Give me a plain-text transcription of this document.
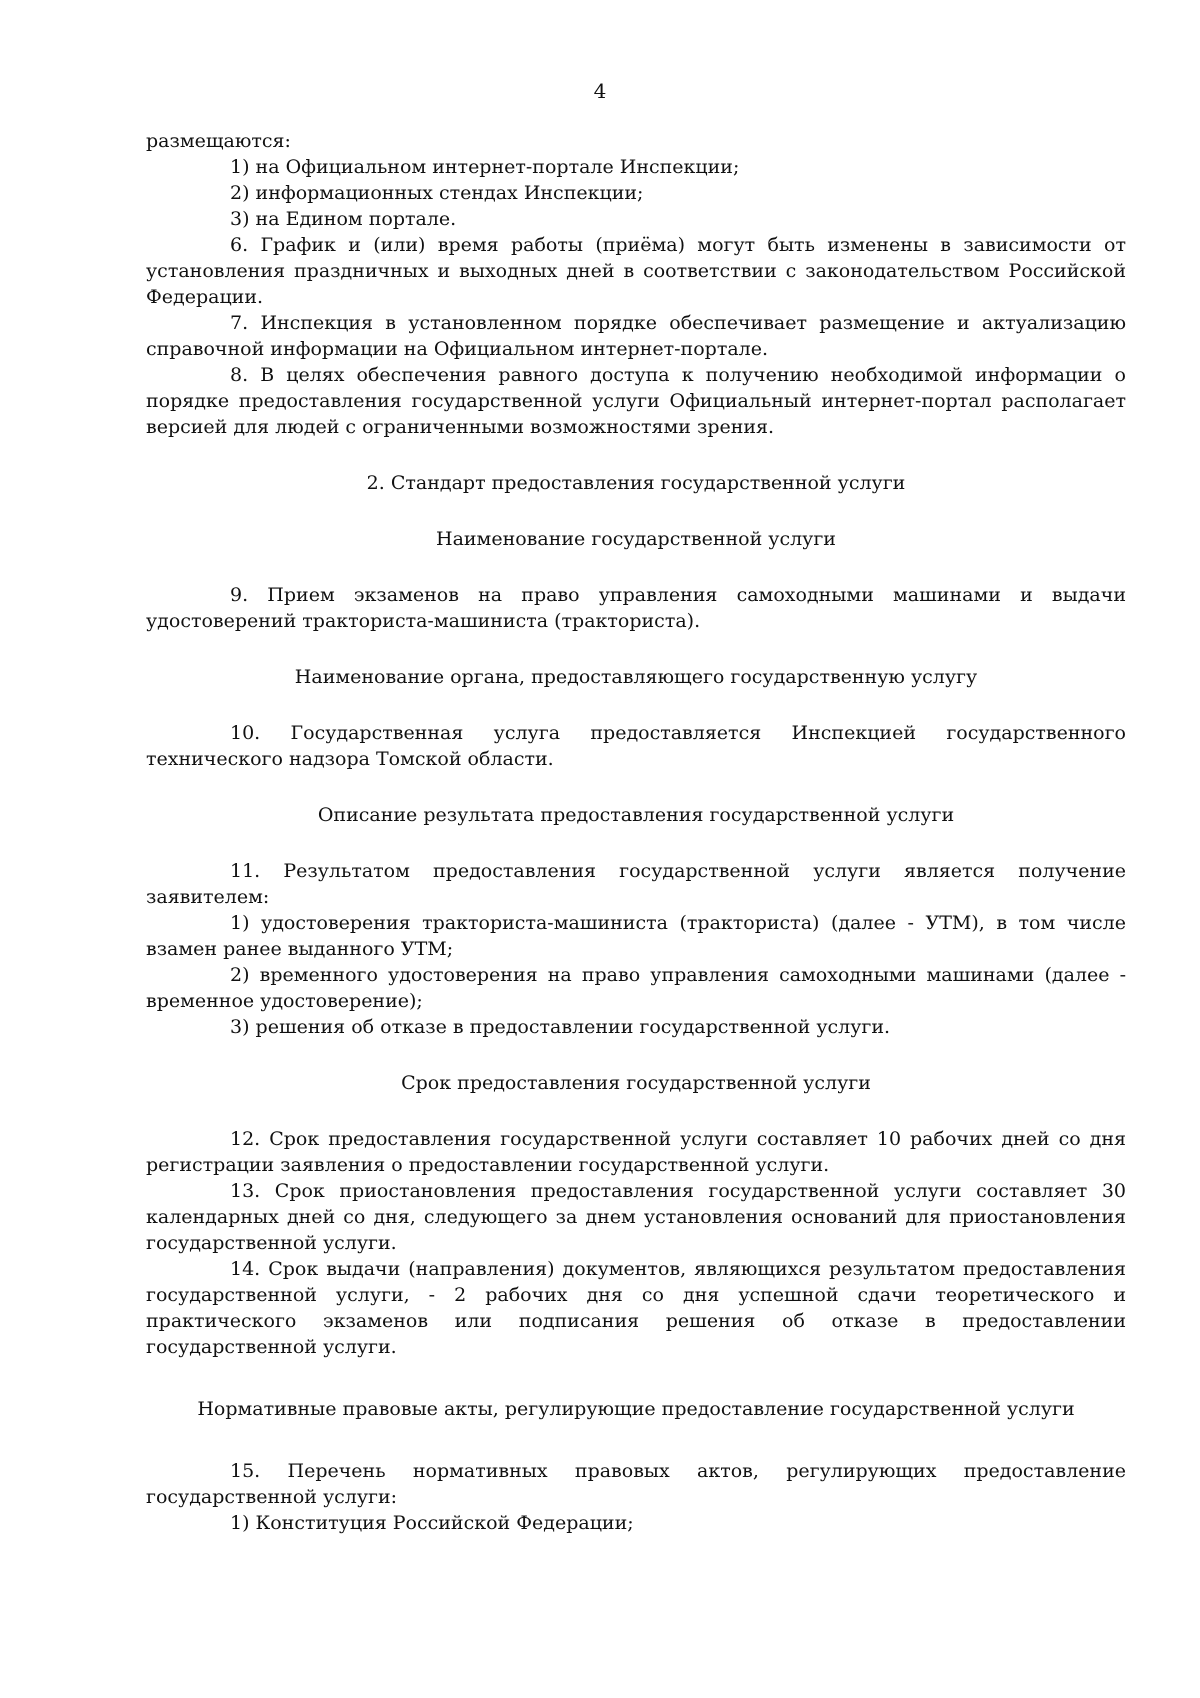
4
размещаются:
1) на Официальном интернет-портале Инспекции;
2) информационных стендах Инспекции;
3) на Едином портале.
6. График и (или) время работы (приёма) могут быть изменены в зависимости от установления праздничных и выходных дней в соответствии с законодательством Российской Федерации.
7. Инспекция в установленном порядке обеспечивает размещение и актуализацию справочной информации на Официальном интернет-портале.
8. В целях обеспечения равного доступа к получению необходимой информации о порядке предоставления государственной услуги Официальный интернет-портал располагает версией для людей с ограниченными возможностями зрения.
2. Стандарт предоставления государственной услуги
Наименование государственной услуги
9. Прием экзаменов на право управления самоходными машинами и выдачи удостоверений тракториста-машиниста (тракториста).
Наименование органа, предоставляющего государственную услугу
10. Государственная услуга предоставляется Инспекцией государственного технического надзора Томской области.
Описание результата предоставления государственной услуги
11. Результатом предоставления государственной услуги является получение заявителем:
1) удостоверения тракториста-машиниста (тракториста) (далее - УТМ), в том числе взамен ранее выданного УТМ;
2) временного удостоверения на право управления самоходными машинами (далее - временное удостоверение);
3) решения об отказе в предоставлении государственной услуги.
Срок предоставления государственной услуги
12. Срок предоставления государственной услуги составляет 10 рабочих дней со дня регистрации заявления о предоставлении государственной услуги.
13. Срок приостановления предоставления государственной услуги составляет 30 календарных дней со дня, следующего за днем установления оснований для приостановления государственной услуги.
14. Срок выдачи (направления) документов, являющихся результатом предоставления государственной услуги, - 2 рабочих дня со дня успешной сдачи теоретического и практического экзаменов или подписания решения об отказе в предоставлении государственной услуги.
Нормативные правовые акты, регулирующие предоставление государственной услуги
15. Перечень нормативных правовых актов, регулирующих предоставление государственной услуги:
1) Конституция Российской Федерации;
